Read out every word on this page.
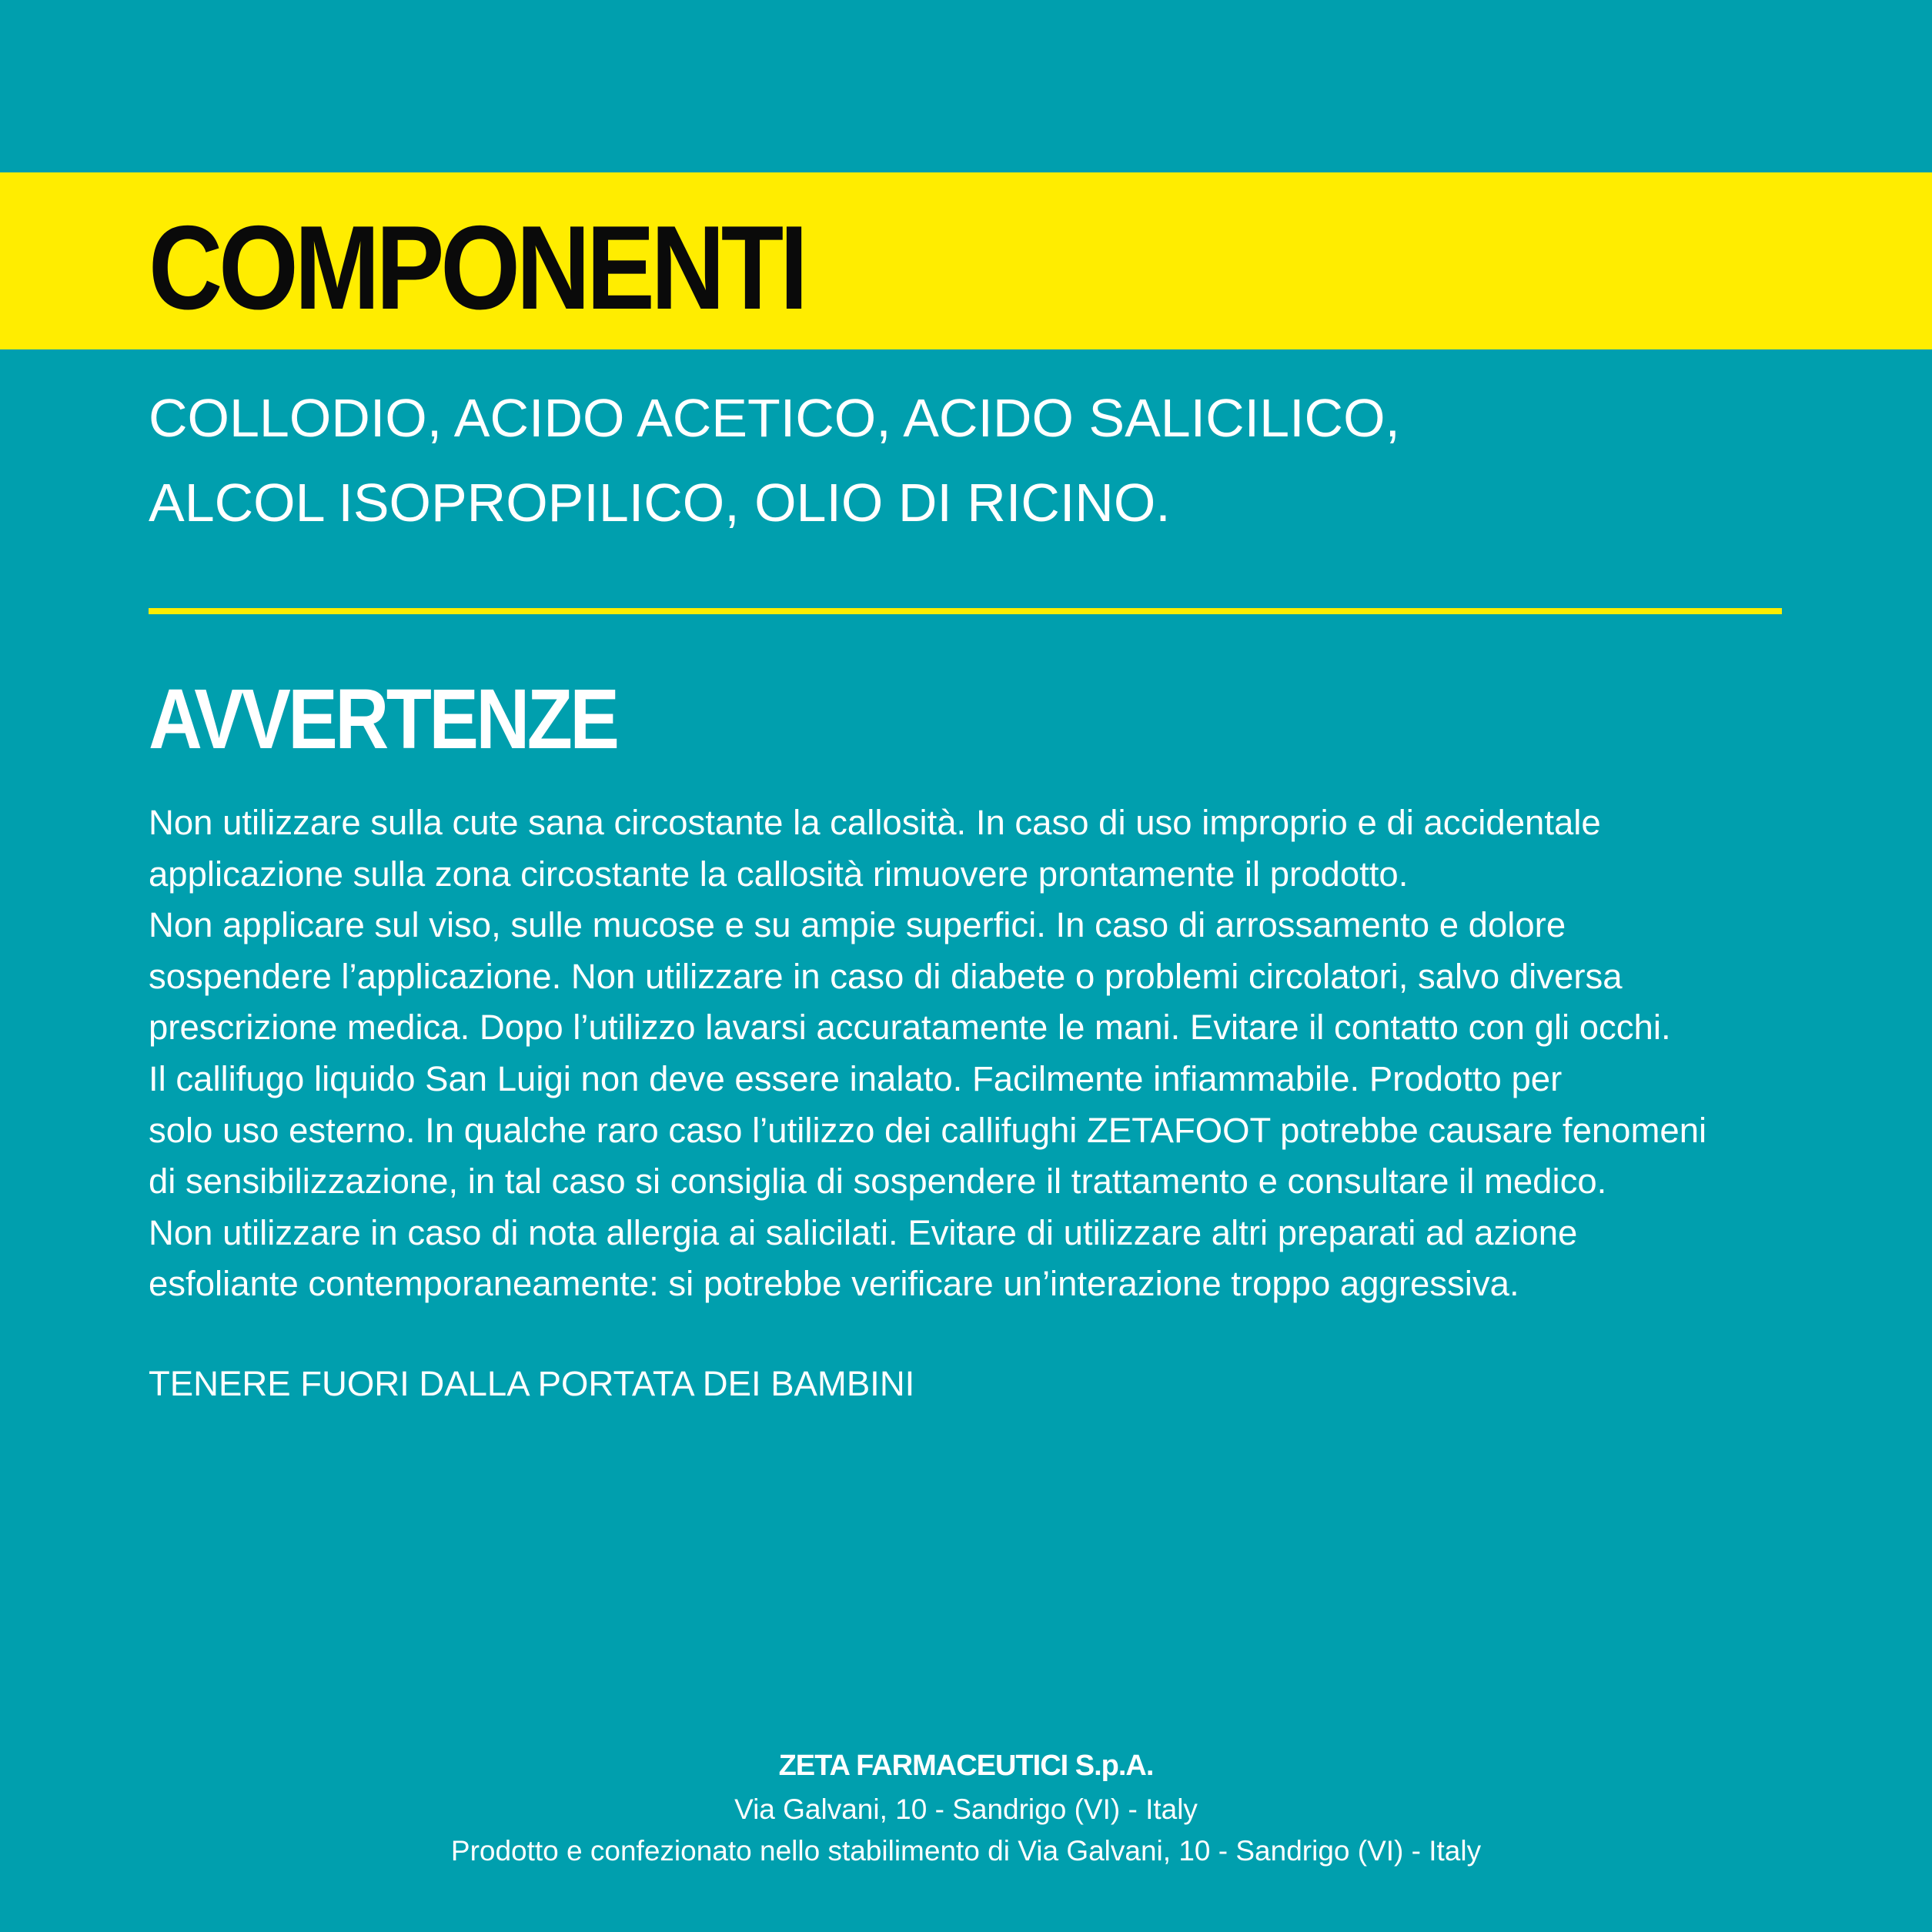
COMPONENTI

COLLODIO, ACIDO ACETICO, ACIDO SALICILICO,
ALCOL ISOPROPILICO, OLIO DI RICINO.

AVVERTENZE

Non utilizzare sulla cute sana circostante la callosità. In caso di uso improprio e di accidentale
applicazione sulla zona circostante la callosità rimuovere prontamente il prodotto.
Non applicare sul viso, sulle mucose e su ampie superfici. In caso di arrossamento e dolore
sospendere l’applicazione. Non utilizzare in caso di diabete o problemi circolatori, salvo diversa
prescrizione medica. Dopo l’utilizzo lavarsi accuratamente le mani. Evitare il contatto con gli occhi.
Il callifugo liquido San Luigi non deve essere inalato. Facilmente infiammabile. Prodotto per
solo uso esterno. In qualche raro caso l’utilizzo dei callifughi ZETAFOOT potrebbe causare fenomeni
di sensibilizzazione, in tal caso si consiglia di sospendere il trattamento e consultare il medico.
Non utilizzare in caso di nota allergia ai salicilati. Evitare di utilizzare altri preparati ad azione
esfoliante contemporaneamente: si potrebbe verificare un’interazione troppo aggressiva.

TENERE FUORI DALLA PORTATA DEI BAMBINI

ZETA FARMACEUTICI S.p.A.
Via Galvani, 10 - Sandrigo (VI) - Italy
Prodotto e confezionato nello stabilimento di Via Galvani, 10 - Sandrigo (VI) - Italy
